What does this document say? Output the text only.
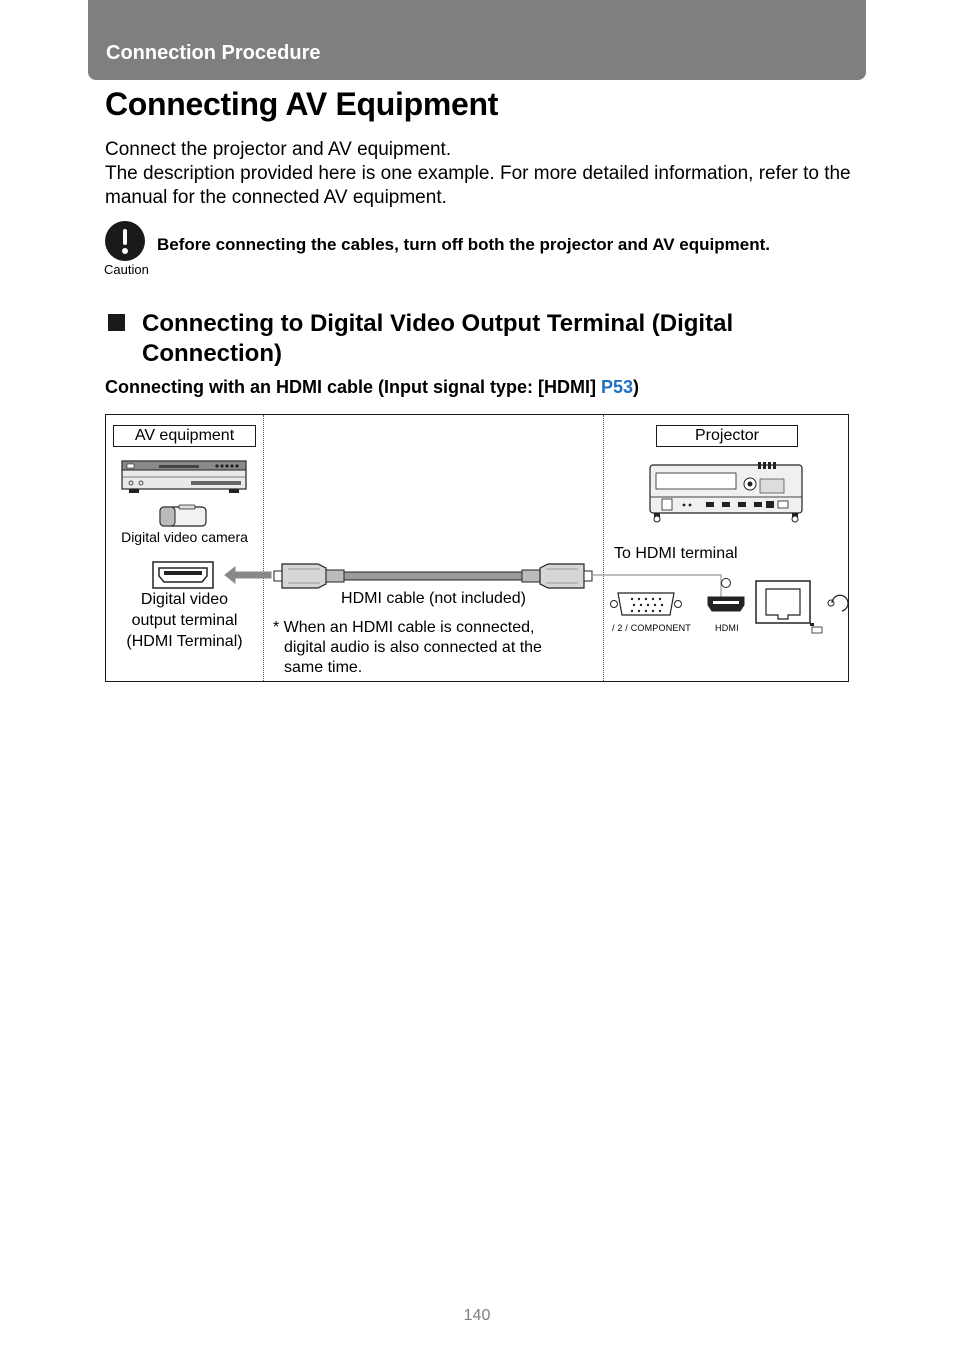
Connection Procedure
Connecting AV Equipment

Connect the projector and AV equipment.

The description provided here is one example. For more detailed information, refer to the manual for the connected AV equipment.

Caution
Before connecting the cables, turn off both the projector and AV equipment.
Connecting to Digital Video Output Terminal (Digital Connection)
Connecting with an HDMI cable (Input signal type: [HDMI] P53)
AV equipment	Projector
Digital video camera
Digital video
output terminal
(HDMI Terminal)
HDMI cable (not included)
* When an HDMI cable is connected,
digital audio is also connected at the
same time.
To HDMI terminal
/ 2 / COMPONENT	HDMI
140
